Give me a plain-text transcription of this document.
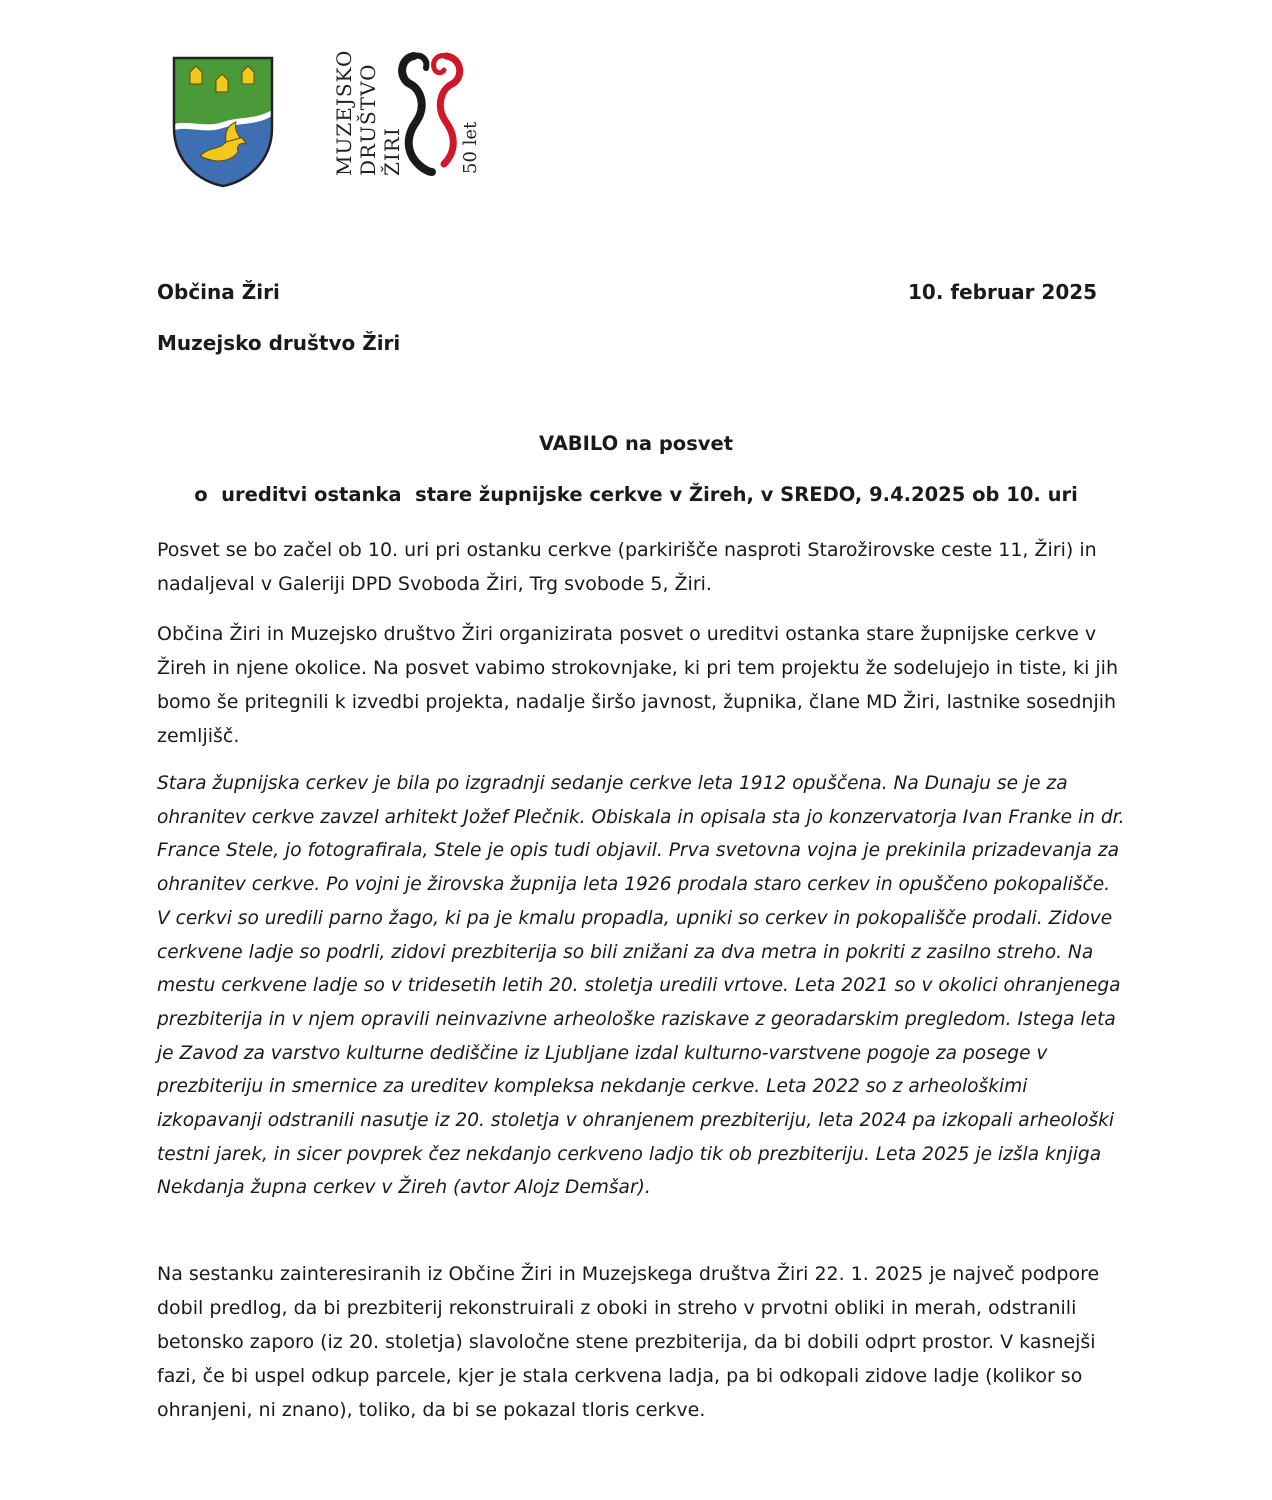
MUZEJSKO DRUŠTVO ŽIRI	50 let
Občina Žiri	10. februar 2025
Muzejsko društvo Žiri
VABILO na posvet
o  ureditvi ostanka  stare župnijske cerkve v Žireh, v SREDO, 9.4.2025 ob 10. uri

Posvet se bo začel ob 10. uri pri ostanku cerkve (parkirišče nasproti Starožirovske ceste 11, Žiri) in nadaljeval v Galeriji DPD Svoboda Žiri, Trg svobode 5, Žiri.

Občina Žiri in Muzejsko društvo Žiri organizirata posvet o ureditvi ostanka stare župnijske cerkve v Žireh in njene okolice. Na posvet vabimo strokovnjake, ki pri tem projektu že sodelujejo in tiste, ki jih bomo še pritegnili k izvedbi projekta, nadalje širšo javnost, župnika, člane MD Žiri, lastnike sosednjih zemljišč.

Stara župnijska cerkev je bila po izgradnji sedanje cerkve leta 1912 opuščena. Na Dunaju se je za ohranitev cerkve zavzel arhitekt Jožef Plečnik. Obiskala in opisala sta jo konzervatorja Ivan Franke in dr. France Stele, jo fotografirala, Stele je opis tudi objavil. Prva svetovna vojna je prekinila prizadevanja za ohranitev cerkve. Po vojni je žirovska župnija leta 1926 prodala staro cerkev in opuščeno pokopališče. V cerkvi so uredili parno žago, ki pa je kmalu propadla, upniki so cerkev in pokopališče prodali. Zidove cerkvene ladje so podrli, zidovi prezbiterija so bili znižani za dva metra in pokriti z zasilno streho. Na mestu cerkvene ladje so v tridesetih letih 20. stoletja uredili vrtove. Leta 2021 so v okolici ohranjenega prezbiterija in v njem opravili neinvazivne arheološke raziskave z georadarskim pregledom. Istega leta je Zavod za varstvo kulturne dediščine iz Ljubljane izdal kulturno-varstvene pogoje za posege v prezbiteriju in smernice za ureditev kompleksa nekdanje cerkve. Leta 2022 so z arheološkimi izkopavanji odstranili nasutje iz 20. stoletja v ohranjenem prezbiteriju, leta 2024 pa izkopali arheološki testni jarek, in sicer povprek čez nekdanjo cerkveno ladjo tik ob prezbiteriju. Leta 2025 je izšla knjiga Nekdanja župna cerkev v Žireh (avtor Alojz Demšar).

Na sestanku zainteresiranih iz Občine Žiri in Muzejskega društva Žiri 22. 1. 2025 je največ podpore dobil predlog, da bi prezbiterij rekonstruirali z oboki in streho v prvotni obliki in merah, odstranili betonsko zaporo (iz 20. stoletja) slavoločne stene prezbiterija, da bi dobili odprt prostor. V kasnejši fazi, če bi uspel odkup parcele, kjer je stala cerkvena ladja, pa bi odkopali zidove ladje (kolikor so ohranjeni, ni znano), toliko, da bi se pokazal tloris cerkve.
